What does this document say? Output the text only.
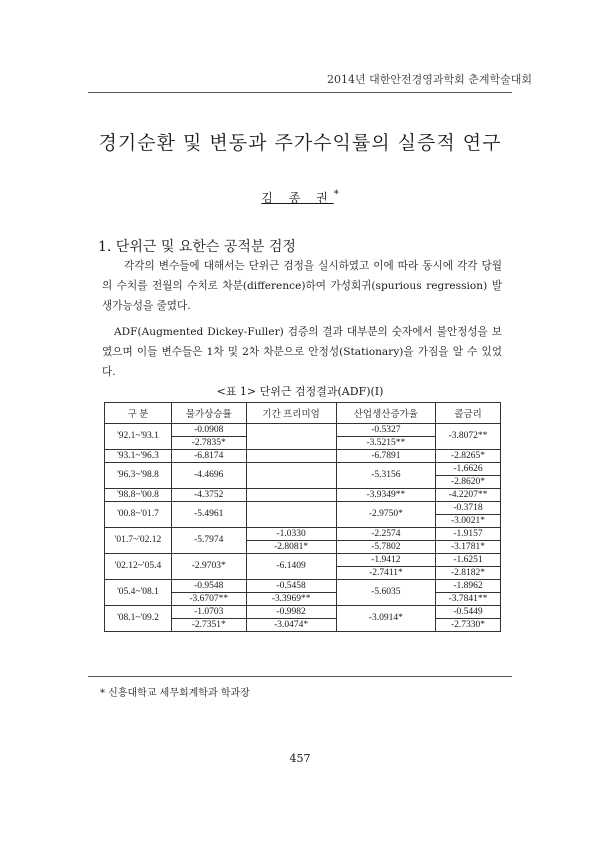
2014년 대한안전경영과학회 춘계학술대회
경기순환 및 변동과 주가수익률의 실증적 연구
김 종 권*
1. 단위근 및 요한슨 공적분 검정
각각의 변수들에 대해서는 단위근 검정을 실시하였고 이에 따라 동시에 각각 당월의 수치를 전월의 수치로 차분(difference)하여 가성회귀(spurious regression) 발생가능성을 줄였다.
ADF(Augmented Dickey-Fuller) 검증의 결과 대부분의 숫자에서 불안정성을 보였으며 이들 변수들은 1차 및 2차 차분으로 안정성(Stationary)을 가짐을 알 수 있었다.
<표 1> 단위근 검정결과(ADF)(Ⅰ)
구 분	물가상승률	기간 프리미엄	산업생산증가율	콜금리
'92.1~'93.1	-0.0908		-0.5327	-3.8072**
	-2.7835*		-3.5215**	
'93.1~'96.3	-6.8174		-6.7891	-2.8265*
'96.3~'98.8	-4.4696		-5.3156	-1.6626
				-2.8620*
'98.8~'00.8	-4.3752		-3.9349**	-4.2207**
'00.8~'01.7	-5.4961		-2.9750*	-0.3718
				-3.0021*
'01.7~'02.12	-5.7974	-1.0330	-2.2574	-1.9157
		-2.8081*	-5.7802	-3.1781*
'02.12~'05.4	-2.9703*	-6.1409	-1.9412	-1.6251
			-2.7411*	-2.8182*
'05.4~'08.1	-0.9548	-0.5458	-5.6035	-1.8962
	-3.6707**	-3.3969**		-3.7841**
'08.1~'09.2	-1.0703	-0.9982	-3.0914*	-0.5449
	-2.7351*	-3.0474*		-2.7330*
* 신흥대학교 세무회계학과 학과장
457
